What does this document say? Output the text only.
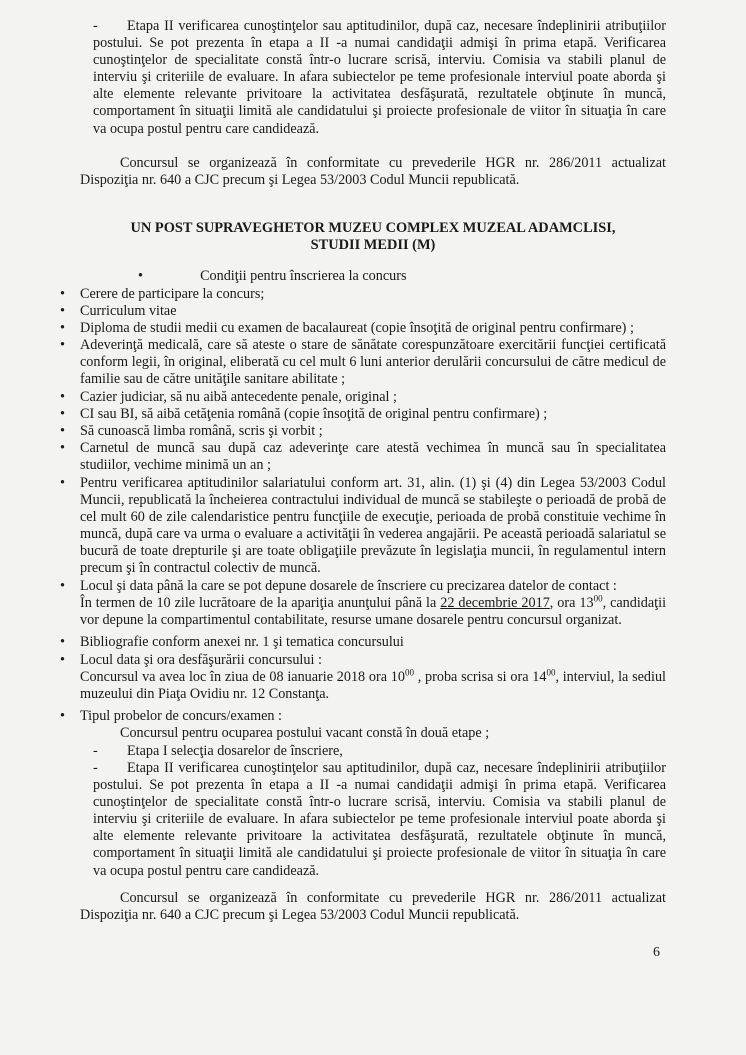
- Etapa II verificarea cunoştinţelor sau aptitudinilor, după caz, necesare îndeplinirii atribuţiilor postului. Se pot prezenta în etapa a II -a numai candidaţii admişi în prima etapă. Verificarea cunoştinţelor de specialitate constă într-o lucrare scrisă, interviu. Comisia va stabili planul de interviu şi criteriile de evaluare. In afara subiectelor pe teme profesionale interviul poate aborda şi alte elemente relevante privitoare la activitatea desfăşurată, rezultatele obţinute în muncă, comportament în situaţii limită ale candidatului şi proiecte profesionale de viitor în situaţia în care va ocupa postul pentru care candidează.

Concursul se organizează în conformitate cu prevederile HGR nr. 286/2011 actualizat Dispoziţia nr. 640 a CJC precum şi Legea 53/2003 Codul Muncii republicată.

UN POST SUPRAVEGHETOR MUZEU COMPLEX MUZEAL ADAMCLISI,
STUDII MEDII (M)

•	Condiţii pentru înscrierea la concurs
•	Cerere de participare la concurs;
•	Curriculum vitae
•	Diploma de studii medii cu examen de bacalaureat (copie însoţită de original pentru confirmare) ;
•	Adeverinţă medicală, care să ateste o stare de sănătate corespunzătoare exercitării funcţiei certificată conform legii, în original, eliberată cu cel mult 6 luni anterior derulării concursului de către medicul de familie sau de către unităţile sanitare abilitate ;
•	Cazier judiciar, să nu aibă antecedente penale, original ;
•	CI sau BI, să aibă cetăţenia română (copie însoţită de original pentru confirmare) ;
•	Să cunoască limba română, scris şi vorbit ;
•	Carnetul de muncă sau după caz adeverinţe care atestă vechimea în muncă sau în specialitatea studiilor, vechime minimă un an ;
•	Pentru verificarea aptitudinilor salariatului conform art. 31, alin. (1) şi (4) din Legea 53/2003 Codul Muncii, republicată la încheierea contractului individual de muncă se stabileşte o perioadă de probă de cel mult 60 de zile calendaristice pentru funcţiile de execuţie, perioada de probă constituie vechime în muncă, după care va urma o evaluare a activităţii în vederea angajării. Pe această perioadă salariatul se bucură de toate drepturile şi are toate obligaţiile prevăzute în legislaţia muncii, în regulamentul intern precum şi în contractul colectiv de muncă.
•	Locul şi data până la care se pot depune dosarele de înscriere cu precizarea datelor de contact :
În termen de 10 zile lucrătoare de la apariţia anunţului până la 22 decembrie 2017, ora $13^{00}$, candidaţii vor depune la compartimentul contabilitate, resurse umane dosarele pentru concursul organizat.
•	Bibliografie conform anexei nr. 1 şi tematica concursului
•	Locul data şi ora desfăşurării concursului :
Concursul va avea loc în ziua de 08 ianuarie 2018 ora $10^{00}$ , proba scrisa si ora $14^{00}$, interviul, la sediul muzeului din Piaţa Ovidiu nr. 12 Constanţa.
•	Tipul probelor de concurs/examen :

Concursul pentru ocuparea postului vacant constă în două etape ;

- Etapa I selecţia dosarelor de înscriere,

- Etapa II verificarea cunoştinţelor sau aptitudinilor, după caz, necesare îndeplinirii atribuţiilor postului. Se pot prezenta în etapa a II -a numai candidaţii admişi în prima etapă. Verificarea cunoştinţelor de specialitate constă într-o lucrare scrisă, interviu. Comisia va stabili planul de interviu şi criteriile de evaluare. In afara subiectelor pe teme profesionale interviul poate aborda şi alte elemente relevante privitoare la activitatea desfăşurată, rezultatele obţinute în muncă, comportament în situaţii limită ale candidatului şi proiecte profesionale de viitor în situaţia în care va ocupa postul pentru care candidează.

Concursul se organizează în conformitate cu prevederile HGR nr. 286/2011 actualizat Dispoziţia nr. 640 a CJC precum şi Legea 53/2003 Codul Muncii republicată.

6
